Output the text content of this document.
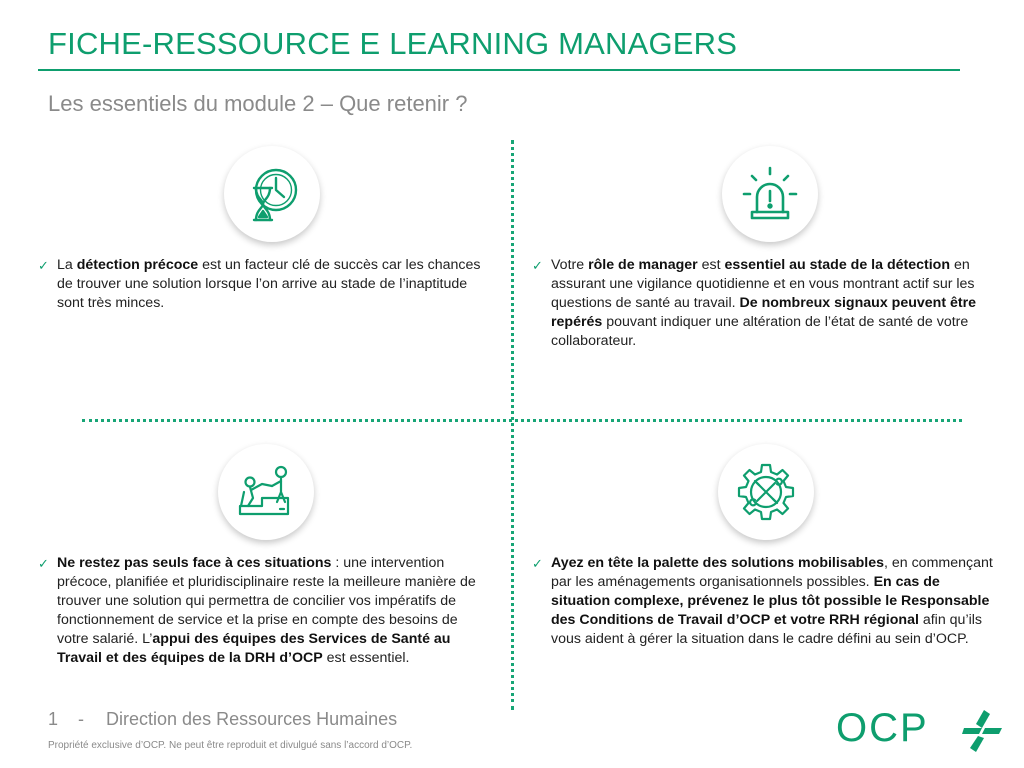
FICHE-RESSOURCE E LEARNING MANAGERS
Les essentiels du module 2 – Que retenir ?
✓ La détection précoce est un facteur clé de succès car les chances de trouver une solution lorsque l’on arrive au stade de l’inaptitude sont très minces.
✓ Votre rôle de manager est essentiel au stade de la détection en assurant une vigilance quotidienne et en vous montrant actif sur les questions de santé au travail. De nombreux signaux peuvent être repérés pouvant indiquer une altération de l’état de santé de votre collaborateur.
✓ Ne restez pas seuls face à ces situations : une intervention précoce, planifiée et pluridisciplinaire reste la meilleure manière de trouver une solution qui permettra de concilier vos impératifs de fonctionnement de service et la prise en compte des besoins de votre salarié. L’appui des équipes des Services de Santé au Travail et des équipes de la DRH d’OCP est essentiel.
✓ Ayez en tête la palette des solutions mobilisables, en commençant par les aménagements organisationnels possibles. En cas de situation complexe, prévenez le plus tôt possible le Responsable des Conditions de Travail d’OCP et votre RRH régional afin qu’ils vous aident à gérer la situation dans le cadre défini au sein d’OCP.
1 - Direction des Ressources Humaines
Propriété exclusive d’OCP. Ne peut être reproduit et divulgué sans l’accord d’OCP.	OCP
